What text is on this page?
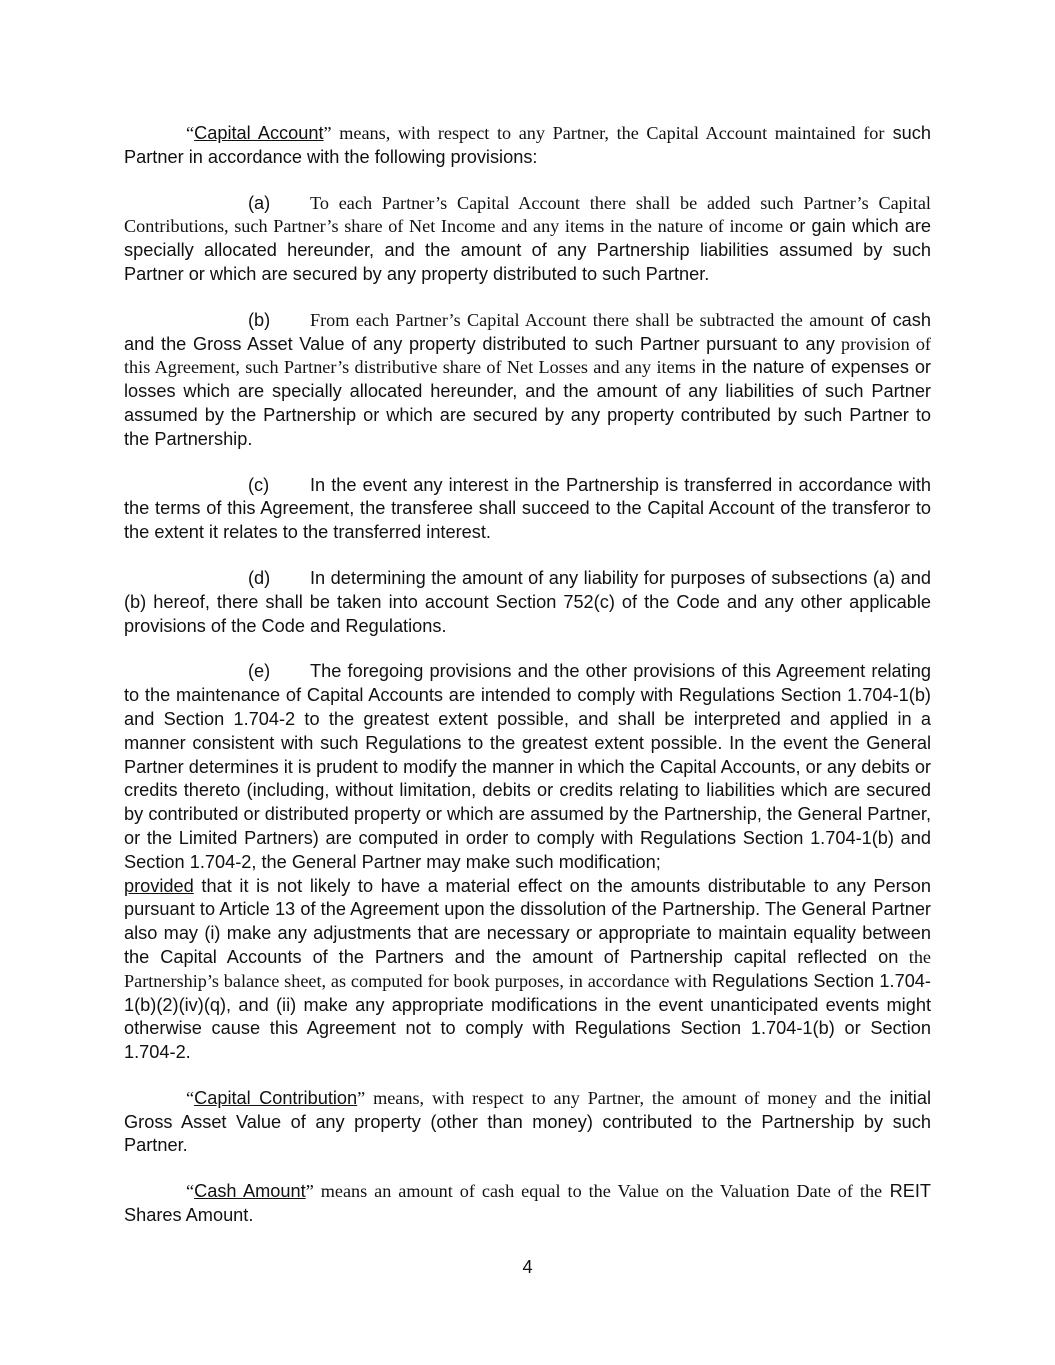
“Capital Account” means, with respect to any Partner, the Capital Account maintained for such Partner in accordance with the following provisions:

(a) To each Partner’s Capital Account there shall be added such Partner’s Capital Contributions, such Partner’s share of Net Income and any items in the nature of income or gain which are specially allocated hereunder, and the amount of any Partnership liabilities assumed by such Partner or which are secured by any property distributed to such Partner.

(b) From each Partner’s Capital Account there shall be subtracted the amount of cash and the Gross Asset Value of any property distributed to such Partner pursuant to any provision of this Agreement, such Partner’s distributive share of Net Losses and any items in the nature of expenses or losses which are specially allocated hereunder, and the amount of any liabilities of such Partner assumed by the Partnership or which are secured by any property contributed by such Partner to the Partnership.

(c) In the event any interest in the Partnership is transferred in accordance with the terms of this Agreement, the transferee shall succeed to the Capital Account of the transferor to the extent it relates to the transferred interest.

(d) In determining the amount of any liability for purposes of subsections (a) and (b) hereof, there shall be taken into account Section 752(c) of the Code and any other applicable provisions of the Code and Regulations.

(e) The foregoing provisions and the other provisions of this Agreement relating to the maintenance of Capital Accounts are intended to comply with Regulations Section 1.704-1(b) and Section 1.704-2 to the greatest extent possible, and shall be interpreted and applied in a manner consistent with such Regulations to the greatest extent possible. In the event the General Partner determines it is prudent to modify the manner in which the Capital Accounts, or any debits or credits thereto (including, without limitation, debits or credits relating to liabilities which are secured by contributed or distributed property or which are assumed by the Partnership, the General Partner, or the Limited Partners) are computed in order to comply with Regulations Section 1.704-1(b) and Section 1.704-2, the General Partner may make such modification;
provided that it is not likely to have a material effect on the amounts distributable to any Person pursuant to Article 13 of the Agreement upon the dissolution of the Partnership. The General Partner also may (i) make any adjustments that are necessary or appropriate to maintain equality between the Capital Accounts of the Partners and the amount of Partnership capital reflected on the Partnership’s balance sheet, as computed for book purposes, in accordance with Regulations Section 1.704-1(b)(2)(iv)(q), and (ii) make any appropriate modifications in the event unanticipated events might otherwise cause this Agreement not to comply with Regulations Section 1.704-1(b) or Section 1.704-2.

“Capital Contribution” means, with respect to any Partner, the amount of money and the initial Gross Asset Value of any property (other than money) contributed to the Partnership by such Partner.

“Cash Amount” means an amount of cash equal to the Value on the Valuation Date of the REIT Shares Amount.

4
